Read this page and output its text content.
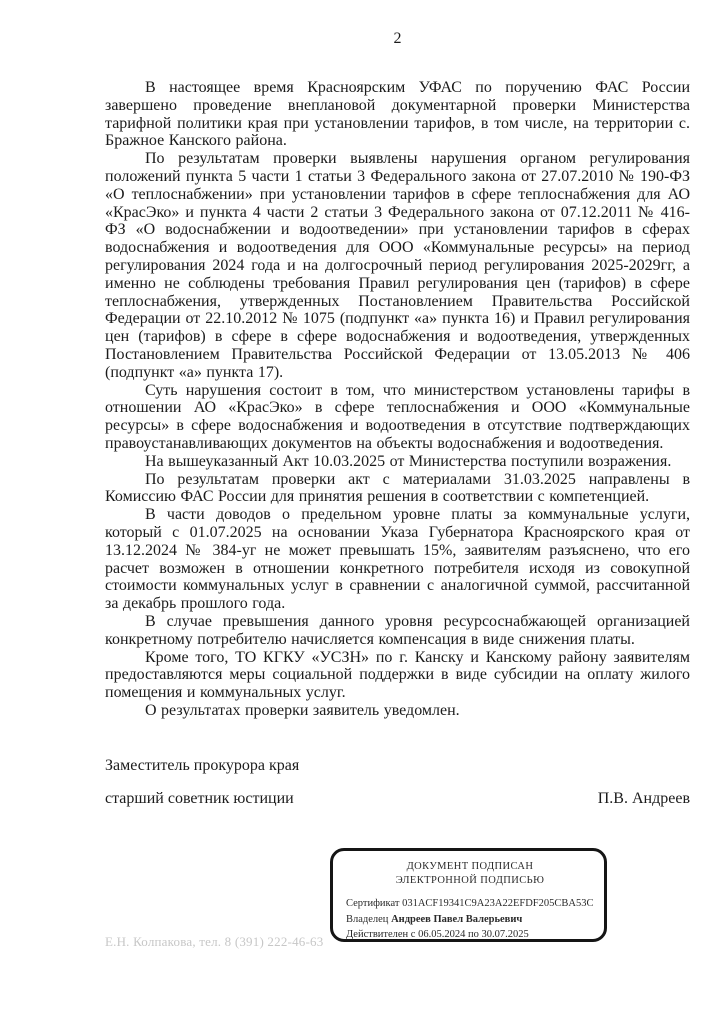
2

В настоящее время Красноярским УФАС по поручению ФАС России завершено проведение внеплановой документарной проверки Министерства тарифной политики края при установлении тарифов, в том числе, на территории с. Бражное Канского района.

По результатам проверки выявлены нарушения органом регулирования положений пункта 5 части 1 статьи 3 Федерального закона от 27.07.2010 № 190-ФЗ «О теплоснабжении» при установлении тарифов в сфере теплоснабжения для АО «КрасЭко» и пункта 4 части 2 статьи 3 Федерального закона от 07.12.2011 № 416-ФЗ «О водоснабжении и водоотведении» при установлении тарифов в сферах водоснабжения и водоотведения для ООО «Коммунальные ресурсы» на период регулирования 2024 года и на долгосрочный период регулирования 2025-2029гг, а именно не соблюдены требования Правил регулирования цен (тарифов) в сфере теплоснабжения, утвержденных Постановлением Правительства Российской Федерации от 22.10.2012 № 1075 (подпункт «а» пункта 16) и Правил регулирования цен (тарифов) в сфере в сфере водоснабжения и водоотведения, утвержденных Постановлением Правительства Российской Федерации от 13.05.2013 № 406 (подпункт «а» пункта 17).

Суть нарушения состоит в том, что министерством установлены тарифы в отношении АО «КрасЭко» в сфере теплоснабжения и ООО «Коммунальные ресурсы» в сфере водоснабжения и водоотведения в отсутствие подтверждающих правоустанавливающих документов на объекты водоснабжения и водоотведения.

На вышеуказанный Акт 10.03.2025 от Министерства поступили возражения.

По результатам проверки акт с материалами 31.03.2025 направлены в Комиссию ФАС России для принятия решения в соответствии с компетенцией.

В части доводов о предельном уровне платы за коммунальные услуги, который с 01.07.2025 на основании Указа Губернатора Красноярского края от 13.12.2024 № 384-уг не может превышать 15%, заявителям разъяснено, что его расчет возможен в отношении конкретного потребителя исходя из совокупной стоимости коммунальных услуг в сравнении с аналогичной суммой, рассчитанной за декабрь прошлого года.

В случае превышения данного уровня ресурсоснабжающей организацией конкретному потребителю начисляется компенсация в виде снижения платы.

Кроме того, ТО КГКУ «УСЗН» по г. Канску и Канскому району заявителям предоставляются меры социальной поддержки в виде субсидии на оплату жилого помещения и коммунальных услуг.

О результатах проверки заявитель уведомлен.

Заместитель прокурора края
старший советник юстиции	П.В. Андреев
ДОКУМЕНТ ПОДПИСАН
ЭЛЕКТРОННОЙ ПОДПИСЬЮ
Сертификат 031ACF19341C9A23A22EFDF205CBA53C
Владелец Андреев Павел Валерьевич
Действителен с 06.05.2024 по 30.07.2025
Е.Н. Колпакова, тел. 8 (391) 222-46-63
